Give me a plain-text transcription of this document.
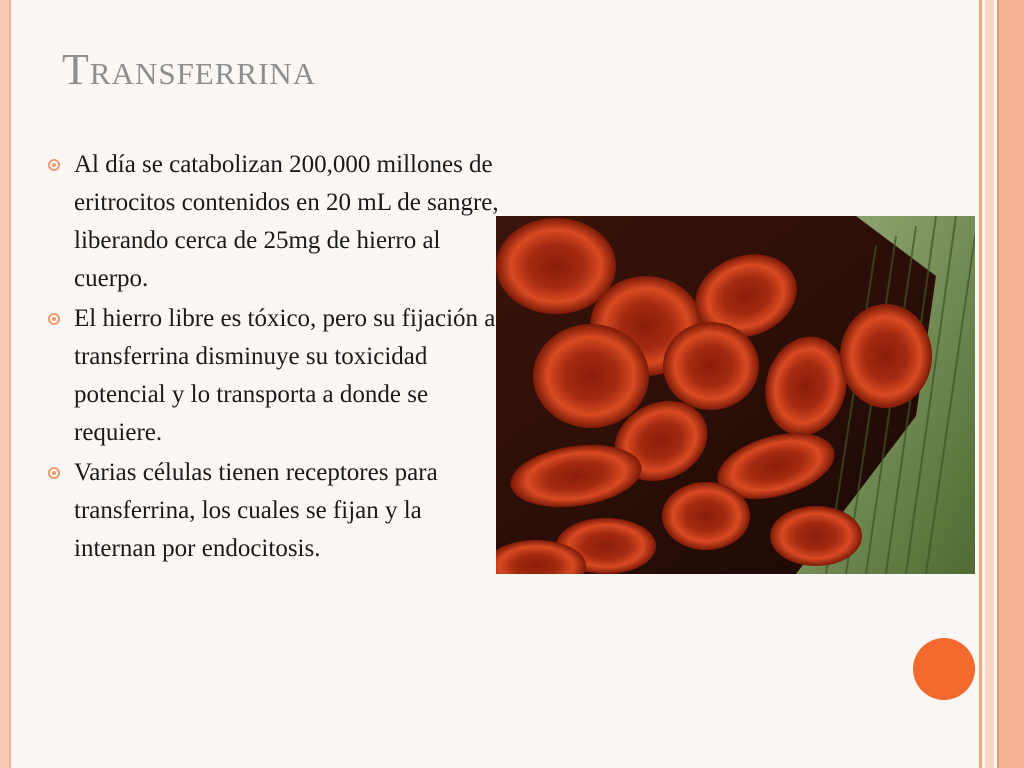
Transferrina
Al día se catabolizan 200,000 millones de eritrocitos contenidos en 20 mL de sangre, liberando cerca de 25mg de hierro al cuerpo.
El hierro libre es tóxico, pero su fijación a transferrina disminuye su toxicidad potencial y lo transporta a donde se requiere.
Varias células tienen receptores para transferrina, los cuales se fijan y la internan por endocitosis.
